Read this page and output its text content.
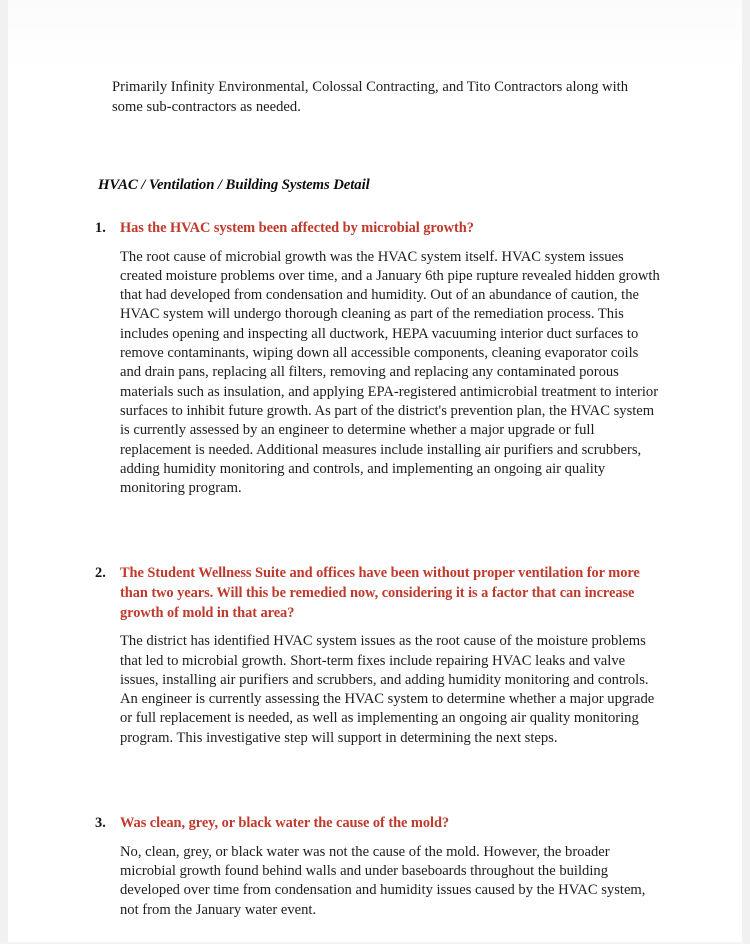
Primarily Infinity Environmental, Colossal Contracting, and Tito Contractors along with some sub-contractors as needed.

HVAC / Ventilation / Building Systems Detail
1. Has the HVAC system been affected by microbial growth?

The root cause of microbial growth was the HVAC system itself. HVAC system issues created moisture problems over time, and a January 6th pipe rupture revealed hidden growth that had developed from condensation and humidity. Out of an abundance of caution, the HVAC system will undergo thorough cleaning as part of the remediation process. This includes opening and inspecting all ductwork, HEPA vacuuming interior duct surfaces to remove contaminants, wiping down all accessible components, cleaning evaporator coils and drain pans, replacing all filters, removing and replacing any contaminated porous materials such as insulation, and applying EPA-registered antimicrobial treatment to interior surfaces to inhibit future growth. As part of the district's prevention plan, the HVAC system is currently assessed by an engineer to determine whether a major upgrade or full replacement is needed. Additional measures include installing air purifiers and scrubbers, adding humidity monitoring and controls, and implementing an ongoing air quality monitoring program.

2. The Student Wellness Suite and offices have been without proper ventilation for more than two years. Will this be remedied now, considering it is a factor that can increase growth of mold in that area?

The district has identified HVAC system issues as the root cause of the moisture problems that led to microbial growth. Short-term fixes include repairing HVAC leaks and valve issues, installing air purifiers and scrubbers, and adding humidity monitoring and controls. An engineer is currently assessing the HVAC system to determine whether a major upgrade or full replacement is needed, as well as implementing an ongoing air quality monitoring program. This investigative step will support in determining the next steps.

3. Was clean, grey, or black water the cause of the mold?

No, clean, grey, or black water was not the cause of the mold. However, the broader microbial growth found behind walls and under baseboards throughout the building developed over time from condensation and humidity issues caused by the HVAC system, not from the January water event.
